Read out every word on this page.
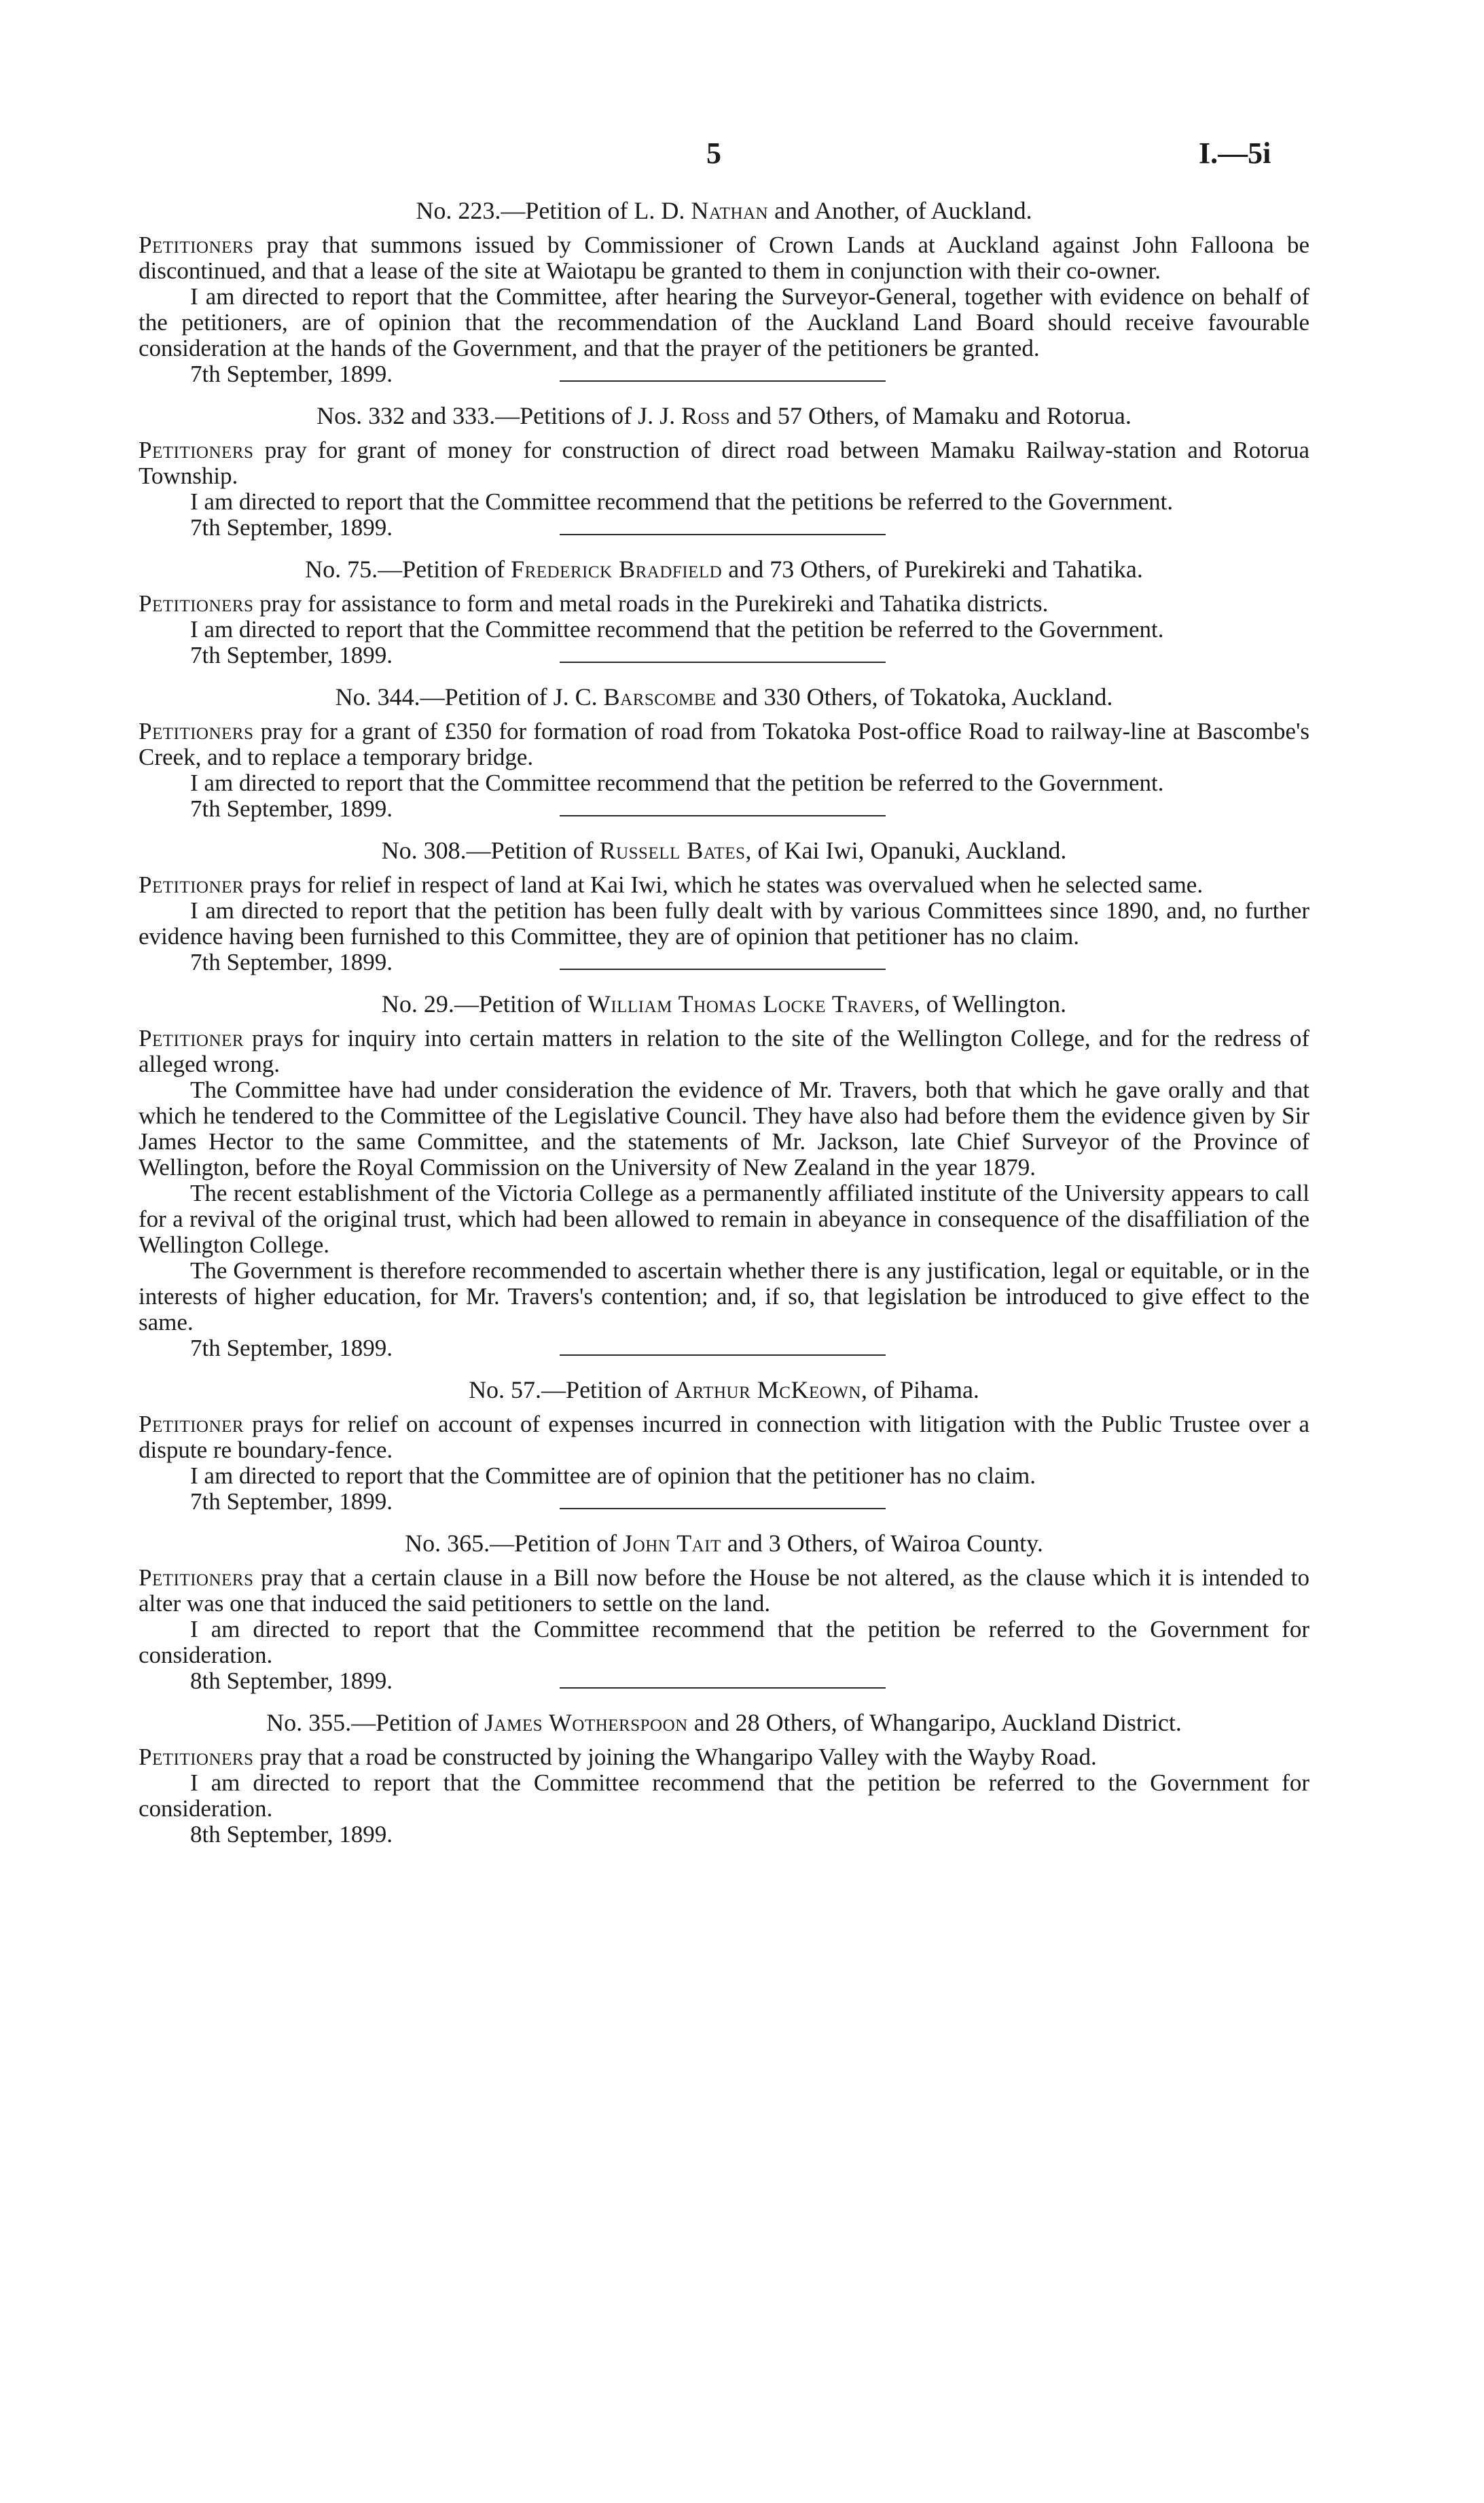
5	I.—5i

No. 223.—Petition of L. D. Nathan and Another, of Auckland.

Petitioners pray that summons issued by Commissioner of Crown Lands at Auckland against John Falloona be discontinued, and that a lease of the site at Waiotapu be granted to them in conjunction with their co-owner.

I am directed to report that the Committee, after hearing the Surveyor-General, together with evidence on behalf of the petitioners, are of opinion that the recommendation of the Auckland Land Board should receive favourable consideration at the hands of the Government, and that the prayer of the petitioners be granted.

7th September, 1899.

Nos. 332 and 333.—Petitions of J. J. Ross and 57 Others, of Mamaku and Rotorua.

Petitioners pray for grant of money for construction of direct road between Mamaku Railway-station and Rotorua Township.

I am directed to report that the Committee recommend that the petitions be referred to the Government.

7th September, 1899.

No. 75.—Petition of Frederick Bradfield and 73 Others, of Purekireki and Tahatika.

Petitioners pray for assistance to form and metal roads in the Purekireki and Tahatika districts.

I am directed to report that the Committee recommend that the petition be referred to the Government.

7th September, 1899.

No. 344.—Petition of J. C. Barscombe and 330 Others, of Tokatoka, Auckland.

Petitioners pray for a grant of £350 for formation of road from Tokatoka Post-office Road to railway-line at Bascombe's Creek, and to replace a temporary bridge.

I am directed to report that the Committee recommend that the petition be referred to the Government.

7th September, 1899.

No. 308.—Petition of Russell Bates, of Kai Iwi, Opanuki, Auckland.

Petitioner prays for relief in respect of land at Kai Iwi, which he states was overvalued when he selected same.

I am directed to report that the petition has been fully dealt with by various Committees since 1890, and, no further evidence having been furnished to this Committee, they are of opinion that petitioner has no claim.

7th September, 1899.

No. 29.—Petition of William Thomas Locke Travers, of Wellington.

Petitioner prays for inquiry into certain matters in relation to the site of the Wellington College, and for the redress of alleged wrong.

The Committee have had under consideration the evidence of Mr. Travers, both that which he gave orally and that which he tendered to the Committee of the Legislative Council. They have also had before them the evidence given by Sir James Hector to the same Committee, and the statements of Mr. Jackson, late Chief Surveyor of the Province of Wellington, before the Royal Commission on the University of New Zealand in the year 1879.

The recent establishment of the Victoria College as a permanently affiliated institute of the University appears to call for a revival of the original trust, which had been allowed to remain in abeyance in consequence of the disaffiliation of the Wellington College.

The Government is therefore recommended to ascertain whether there is any justification, legal or equitable, or in the interests of higher education, for Mr. Travers's contention; and, if so, that legislation be introduced to give effect to the same.

7th September, 1899.

No. 57.—Petition of Arthur McKeown, of Pihama.

Petitioner prays for relief on account of expenses incurred in connection with litigation with the Public Trustee over a dispute re boundary-fence.

I am directed to report that the Committee are of opinion that the petitioner has no claim.

7th September, 1899.

No. 365.—Petition of John Tait and 3 Others, of Wairoa County.

Petitioners pray that a certain clause in a Bill now before the House be not altered, as the clause which it is intended to alter was one that induced the said petitioners to settle on the land.

I am directed to report that the Committee recommend that the petition be referred to the Government for consideration.

8th September, 1899.

No. 355.—Petition of James Wotherspoon and 28 Others, of Whangaripo, Auckland District.

Petitioners pray that a road be constructed by joining the Whangaripo Valley with the Wayby Road.

I am directed to report that the Committee recommend that the petition be referred to the Government for consideration.

8th September, 1899.
